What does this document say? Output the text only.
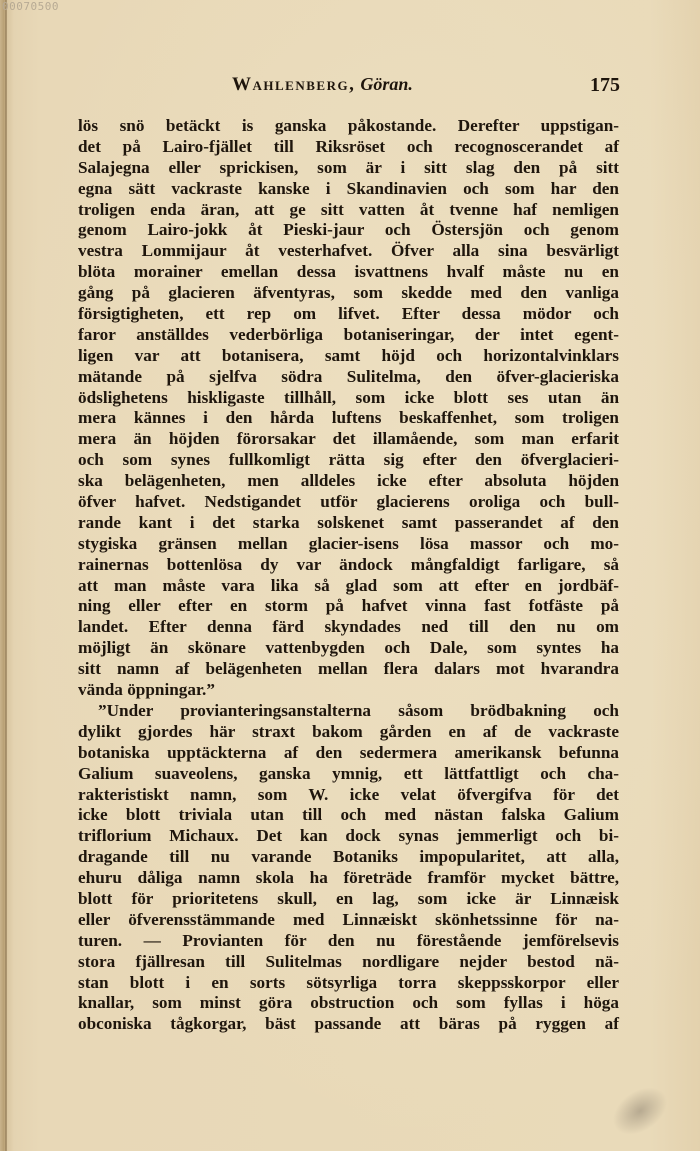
00070500
Wahlenberg, Göran.	175
lös snö betäckt is ganska påkostande. Derefter uppstigan-
det på Lairo-fjället till Riksröset och recognoscerandet af
Salajegna eller sprickisen, som är i sitt slag den på sitt
egna sätt vackraste kanske i Skandinavien och som har den
troligen enda äran, att ge sitt vatten åt tvenne haf nemligen
genom Lairo-jokk åt Pieski-jaur och Östersjön och genom
vestra Lommijaur åt vesterhafvet. Öfver alla sina besvärligt
blöta morainer emellan dessa isvattnens hvalf måste nu en
gång på glacieren äfventyras, som skedde med den vanliga
försigtigheten, ett rep om lifvet. Efter dessa mödor och
faror anställdes vederbörliga botaniseringar, der intet egent-
ligen var att botanisera, samt höjd och horizontalvinklars
mätande på sjelfva södra Sulitelma, den öfver-glacieriska
ödslighetens hiskligaste tillhåll, som icke blott ses utan än
mera kännes i den hårda luftens beskaffenhet, som troligen
mera än höjden förorsakar det illamående, som man erfarit
och som synes fullkomligt rätta sig efter den öfverglacieri-
ska belägenheten, men alldeles icke efter absoluta höjden
öfver hafvet. Nedstigandet utför glacierens oroliga och bull-
rande kant i det starka solskenet samt passerandet af den
stygiska gränsen mellan glacier-isens lösa massor och mo-
rainernas bottenlösa dy var ändock mångfaldigt farligare, så
att man måste vara lika så glad som att efter en jordbäf-
ning eller efter en storm på hafvet vinna fast fotfäste på
landet. Efter denna färd skyndades ned till den nu om
möjligt än skönare vattenbygden och Dale, som syntes ha
sitt namn af belägenheten mellan flera dalars mot hvarandra
vända öppningar.”
”Under provianteringsanstalterna såsom brödbakning och
dylikt gjordes här straxt bakom gården en af de vackraste
botaniska upptäckterna af den sedermera amerikansk befunna
Galium suaveolens, ganska ymnig, ett lättfattligt och cha-
rakteristiskt namn, som W. icke velat öfvergifva för det
icke blott triviala utan till och med nästan falska Galium
triflorium Michaux. Det kan dock synas jemmerligt och bi-
dragande till nu varande Botaniks impopularitet, att alla,
ehuru dåliga namn skola ha företräde framför mycket bättre,
blott för prioritetens skull, en lag, som icke är Linnæisk
eller öfverensstämmande med Linnæiskt skönhetssinne för na-
turen. — Provianten för den nu förestående jemförelsevis
stora fjällresan till Sulitelmas nordligare nejder bestod nä-
stan blott i en sorts sötsyrliga torra skeppsskorpor eller
knallar, som minst göra obstruction och som fyllas i höga
obconiska tågkorgar, bäst passande att bäras på ryggen af
